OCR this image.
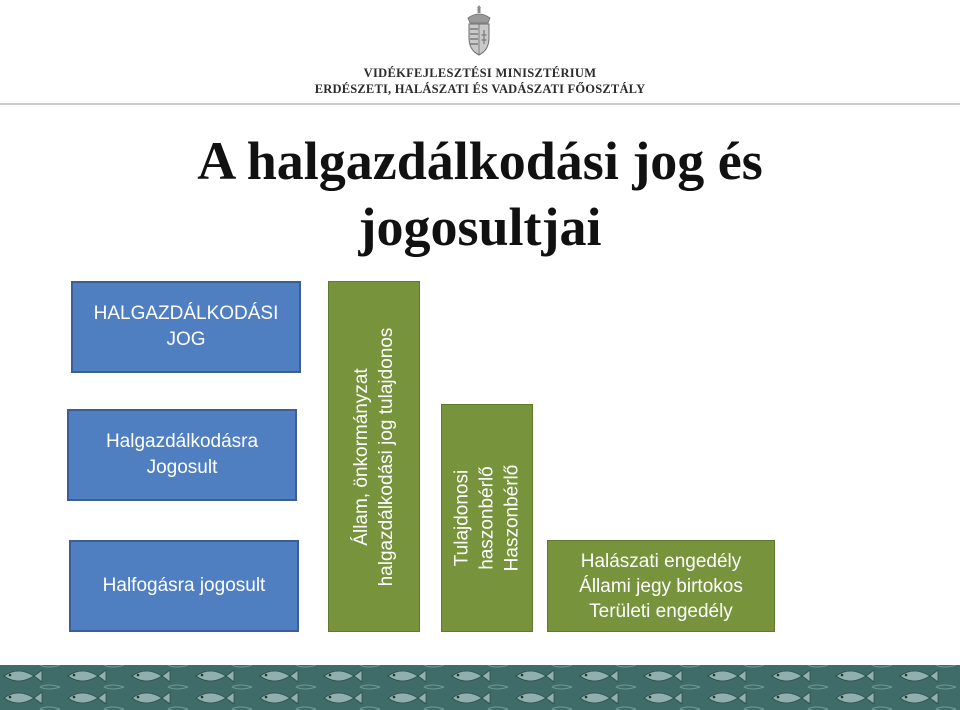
VIDÉKFEJLESZTÉSI MINISZTÉRIUM
ERDÉSZETI, HALÁSZATI ÉS VADÁSZATI FŐOSZTÁLY
A halgazdálkodási jog és
jogosultjai
HALGAZDÁLKODÁSI
JOG
Halgazdálkodásra
Jogosult
Halfogásra jogosult
Állam, önkormányzat halgazdálkodási jog tulajdonos	Tulajdonosi haszonbérlő Haszonbérlő	Halászati engedély
Állami jegy birtokos
Területi engedély
